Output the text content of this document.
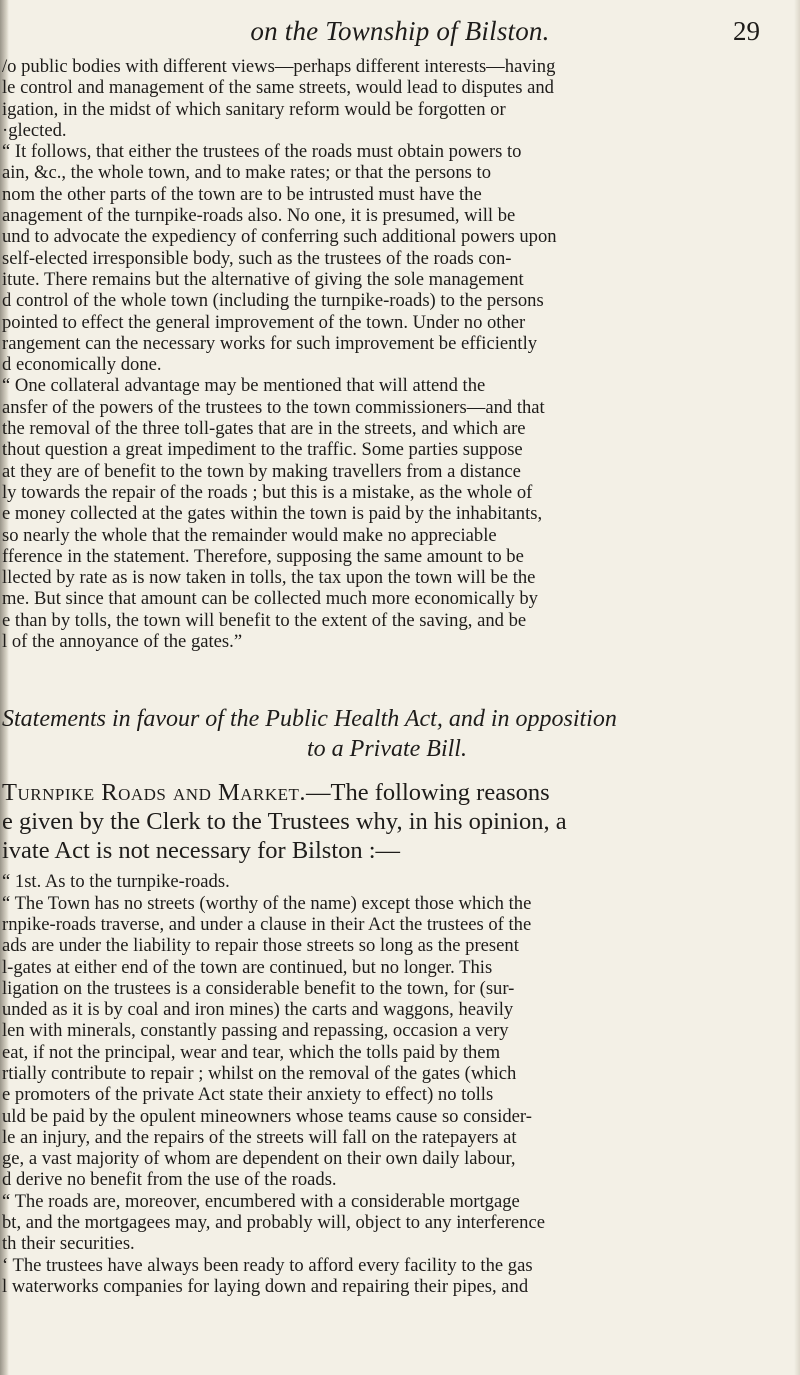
on the Township of Bilston.	29
/o public bodies with different views—perhaps different interests—having
le control and management of the same streets, would lead to disputes and
igation, in the midst of which sanitary reform would be forgotten or
·glected.
“ It follows, that either the trustees of the roads must obtain powers to
ain, &c., the whole town, and to make rates; or that the persons to
nom the other parts of the town are to be intrusted must have the
anagement of the turnpike-roads also. No one, it is presumed, will be
und to advocate the expediency of conferring such additional powers upon
self-elected irresponsible body, such as the trustees of the roads con-
itute. There remains but the alternative of giving the sole management
d control of the whole town (including the turnpike-roads) to the persons
pointed to effect the general improvement of the town. Under no other
rangement can the necessary works for such improvement be efficiently
d economically done.
“ One collateral advantage may be mentioned that will attend the
ansfer of the powers of the trustees to the town commissioners—and that
the removal of the three toll-gates that are in the streets, and which are
thout question a great impediment to the traffic. Some parties suppose
at they are of benefit to the town by making travellers from a distance
ly towards the repair of the roads ; but this is a mistake, as the whole of
e money collected at the gates within the town is paid by the inhabitants,
so nearly the whole that the remainder would make no appreciable
fference in the statement. Therefore, supposing the same amount to be
llected by rate as is now taken in tolls, the tax upon the town will be the
me. But since that amount can be collected much more economically by
e than by tolls, the town will benefit to the extent of the saving, and be
l of the annoyance of the gates.”
Statements in favour of the Public Health Act, and in opposition
to a Private Bill.
Turnpike Roads and Market.—The following reasons
e given by the Clerk to the Trustees why, in his opinion, a
ivate Act is not necessary for Bilston :—
“ 1st. As to the turnpike-roads.
“ The Town has no streets (worthy of the name) except those which the
rnpike-roads traverse, and under a clause in their Act the trustees of the
ads are under the liability to repair those streets so long as the present
l-gates at either end of the town are continued, but no longer. This
ligation on the trustees is a considerable benefit to the town, for (sur-
unded as it is by coal and iron mines) the carts and waggons, heavily
len with minerals, constantly passing and repassing, occasion a very
eat, if not the principal, wear and tear, which the tolls paid by them
rtially contribute to repair ; whilst on the removal of the gates (which
e promoters of the private Act state their anxiety to effect) no tolls
uld be paid by the opulent mineowners whose teams cause so consider-
le an injury, and the repairs of the streets will fall on the ratepayers at
ge, a vast majority of whom are dependent on their own daily labour,
d derive no benefit from the use of the roads.
“ The roads are, moreover, encumbered with a considerable mortgage
bt, and the mortgagees may, and probably will, object to any interference
th their securities.
‘ The trustees have always been ready to afford every facility to the gas
l waterworks companies for laying down and repairing their pipes, and
